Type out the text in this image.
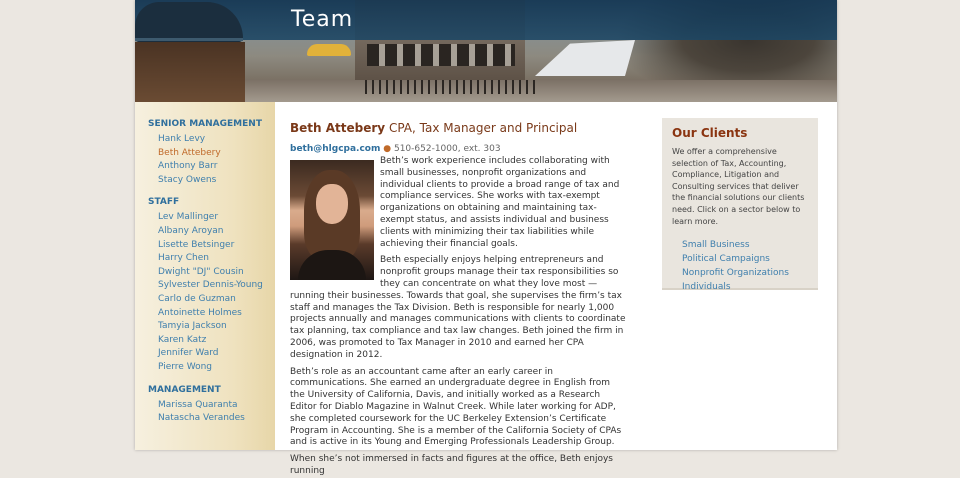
Team
SENIOR MANAGEMENT
Hank Levy
Beth Attebery
Anthony Barr
Stacy Owens
STAFF
Lev Mallinger
Albany Aroyan
Lisette Betsinger
Harry Chen
Dwight "DJ" Cousin
Sylvester Dennis-Young
Carlo de Guzman
Antoinette Holmes
Tamyia Jackson
Karen Katz
Jennifer Ward
Pierre Wong
MANAGEMENT
Marissa Quaranta
Natascha Verandes
Beth Attebery CPA, Tax Manager and Principal
beth@hlgcpa.com ● 510-652-1000, ext. 303

Beth’s work experience includes collaborating with small businesses, nonprofit organizations and individual clients to provide a broad range of tax and compliance services. She works with tax-exempt organizations on obtaining and maintaining tax-exempt status, and assists individual and business clients with minimizing their tax liabilities while achieving their financial goals.

Beth especially enjoys helping entrepreneurs and nonprofit groups manage their tax responsibilities so they can concentrate on what they love most — running their businesses. Towards that goal, she supervises the firm’s tax staff and manages the Tax Division. Beth is responsible for nearly 1,000 projects annually and manages communications with clients to coordinate tax planning, tax compliance and tax law changes. Beth joined the firm in 2006, was promoted to Tax Manager in 2010 and earned her CPA designation in 2012.

Beth’s role as an accountant came after an early career in communications. She earned an undergraduate degree in English from the University of California, Davis, and initially worked as a Research Editor for Diablo Magazine in Walnut Creek. While later working for ADP, she completed coursework for the UC Berkeley Extension’s Certificate Program in Accounting. She is a member of the California Society of CPAs and is active in its Young and Emerging Professionals Leadership Group.

When she’s not immersed in facts and figures at the office, Beth enjoys running

Our Clients

We offer a comprehensive selection of Tax, Accounting, Compliance, Litigation and Consulting services that deliver the financial solutions our clients need. Click on a sector below to learn more.

Small Business
Political Campaigns
Nonprofit Organizations
Individuals
